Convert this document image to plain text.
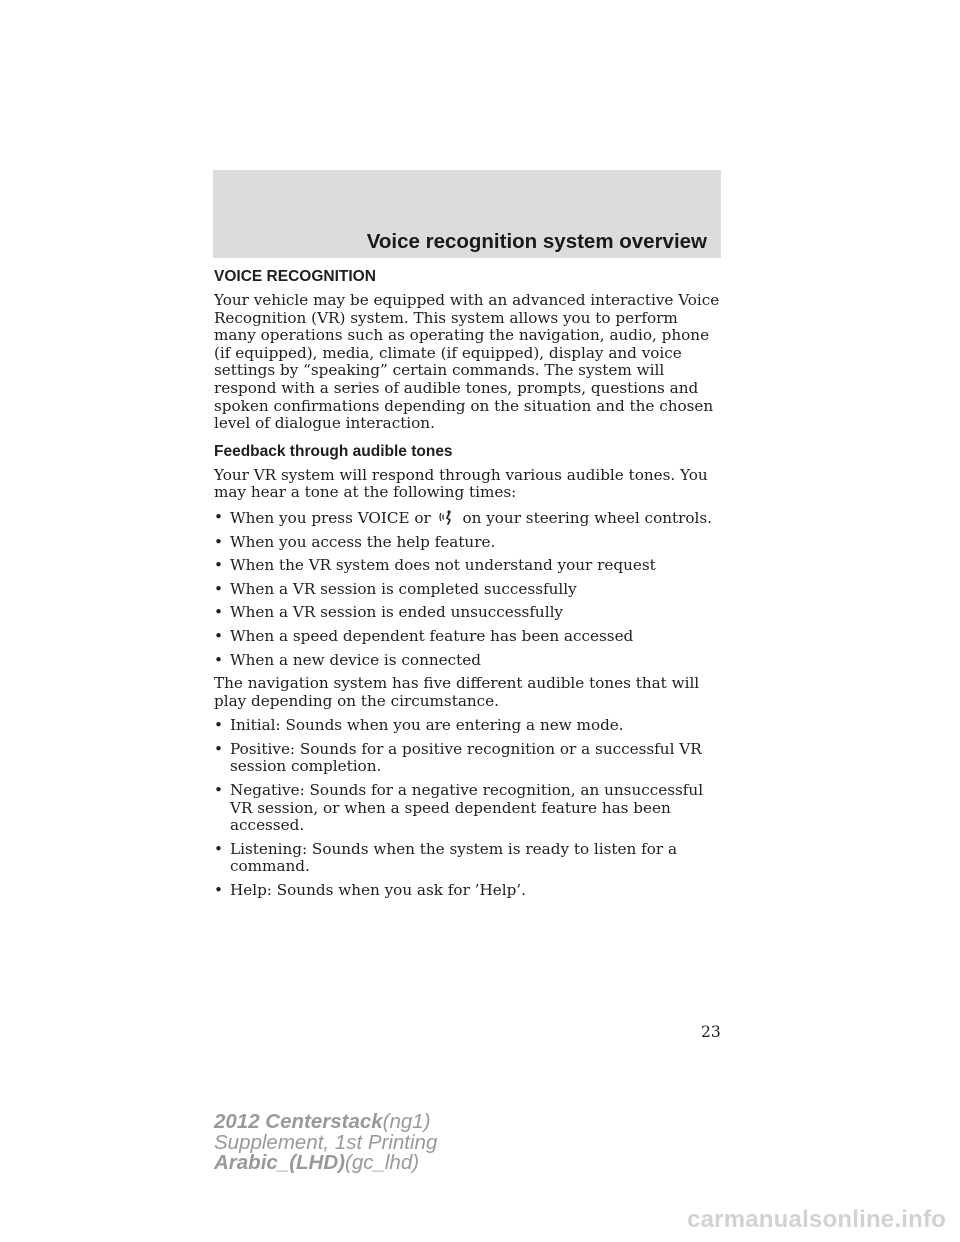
Voice recognition system overview
VOICE RECOGNITION
Your vehicle may be equipped with an advanced interactive Voice Recognition (VR) system. This system allows you to perform many operations such as operating the navigation, audio, phone (if equipped), media, climate (if equipped), display and voice settings by “speaking” certain commands. The system will respond with a series of audible tones, prompts, questions and spoken confirmations depending on the situation and the chosen level of dialogue interaction.
Feedback through audible tones
Your VR system will respond through various audible tones. You may hear a tone at the following times:
• When you press VOICE or on your steering wheel controls.
• When you access the help feature.
• When the VR system does not understand your request
• When a VR session is completed successfully
• When a VR session is ended unsuccessfully
• When a speed dependent feature has been accessed
• When a new device is connected
The navigation system has five different audible tones that will play depending on the circumstance.
• Initial: Sounds when you are entering a new mode.
• Positive: Sounds for a positive recognition or a successful VR session completion.
• Negative: Sounds for a negative recognition, an unsuccessful VR session, or when a speed dependent feature has been accessed.
• Listening: Sounds when the system is ready to listen for a command.
• Help: Sounds when you ask for ’Help’.
23
2012 Centerstack(ng1)
Supplement, 1st Printing
Arabic_(LHD)(gc_lhd)
carmanualsonline.info
